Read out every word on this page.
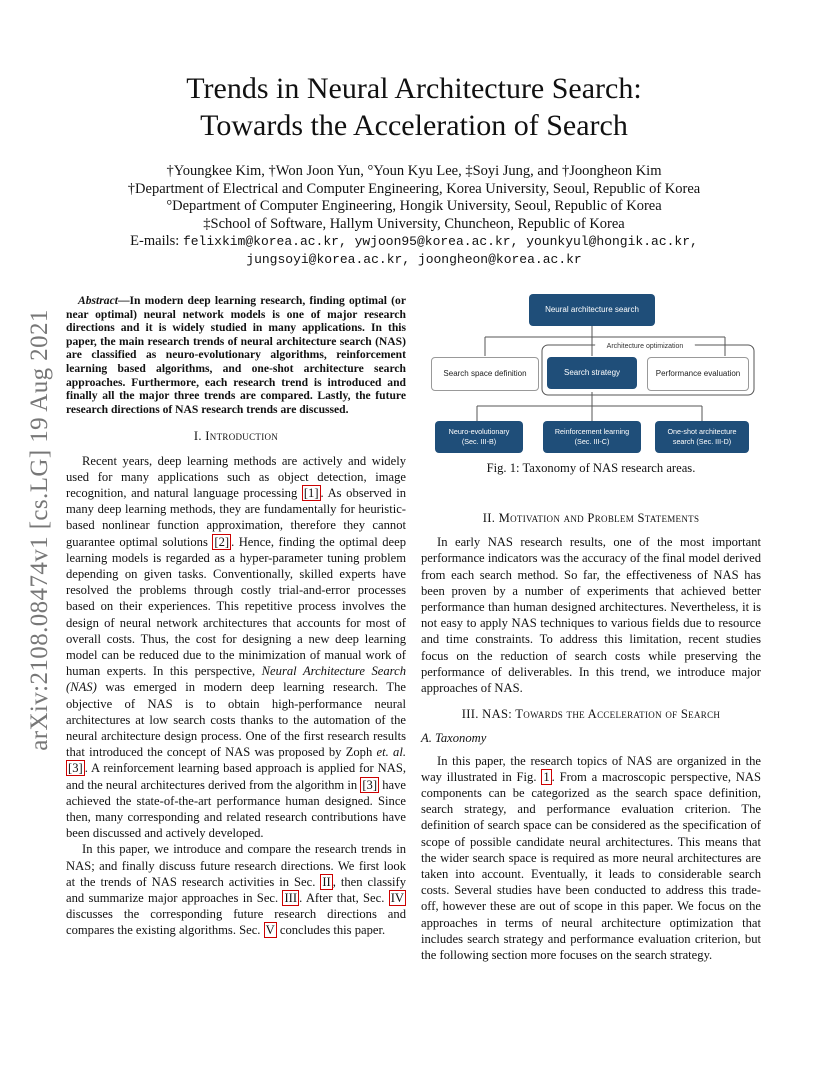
Trends in Neural Architecture Search:
Towards the Acceleration of Search
†Youngkee Kim, †Won Joon Yun, °Youn Kyu Lee, ‡Soyi Jung, and †Joongheon Kim
†Department of Electrical and Computer Engineering, Korea University, Seoul, Republic of Korea
°Department of Computer Engineering, Hongik University, Seoul, Republic of Korea
‡School of Software, Hallym University, Chuncheon, Republic of Korea
E-mails: felixkim@korea.ac.kr, ywjoon95@korea.ac.kr, younkyul@hongik.ac.kr,
jungsoyi@korea.ac.kr, joongheon@korea.ac.kr
arXiv:2108.08474v1 [cs.LG] 19 Aug 2021

Abstract—In modern deep learning research, finding optimal (or near optimal) neural network models is one of major research directions and it is widely studied in many applications. In this paper, the main research trends of neural architecture search (NAS) are classified as neuro-evolutionary algorithms, reinforcement learning based algorithms, and one-shot architecture search approaches. Furthermore, each research trend is introduced and finally all the major three trends are compared. Lastly, the future research directions of NAS research trends are discussed.

I. Introduction

Recent years, deep learning methods are actively and widely used for many applications such as object detection, image recognition, and natural language processing [1] . As observed in many deep learning methods, they are fundamentally for heuristic-based nonlinear function approximation, therefore they cannot guarantee optimal solutions [2] . Hence, finding the optimal deep learning models is regarded as a hyper-parameter tuning problem depending on given tasks. Conventionally, skilled experts have resolved the problems through costly trial-and-error processes based on their experiences. This repetitive process involves the design of neural network architectures that accounts for most of overall costs. Thus, the cost for designing a new deep learning model can be reduced due to the minimization of manual work of human experts. In this perspective, Neural Architecture Search (NAS) was emerged in modern deep learning research. The objective of NAS is to obtain high-performance neural architectures at low search costs thanks to the automation of the neural architecture design process. One of the first research results that introduced the concept of NAS was proposed by Zoph et. al. [3] . A reinforcement learning based approach is applied for NAS, and the neural architectures derived from the algorithm in [3] have achieved the state-of-the-art performance human designed. Since then, many corresponding and related research contributions have been discussed and actively developed.

In this paper, we introduce and compare the research trends in NAS; and finally discuss future research directions. We first look at the trends of NAS research activities in Sec. II , then classify and summarize major approaches in Sec. III . After that, Sec. IV discusses the corresponding future research directions and compares the existing algorithms. Sec. V concludes this paper.

Neural architecture search
Architecture optimization
Search space definition	Search strategy	Performance evaluation
Neuro-evolutionary
(Sec. III-B)
Reinforcement learning
(Sec. III-C)
One-shot architecture
search (Sec. III-D)
Fig. 1: Taxonomy of NAS research areas.
II. Motivation and Problem Statements

In early NAS research results, one of the most important performance indicators was the accuracy of the final model derived from each search method. So far, the effectiveness of NAS has been proven by a number of experiments that achieved better performance than human designed architectures. Nevertheless, it is not easy to apply NAS techniques to various fields due to resource and time constraints. To address this limitation, recent studies focus on the reduction of search costs while preserving the performance of deliverables. In this trend, we introduce major approaches of NAS.

III. NAS: Towards the Acceleration of Search

A. Taxonomy

In this paper, the research topics of NAS are organized in the way illustrated in Fig. 1 . From a macroscopic perspective, NAS components can be categorized as the search space definition, search strategy, and performance evaluation criterion. The definition of search space can be considered as the specification of scope of possible candidate neural architectures. This means that the wider search space is required as more neural architectures are taken into account. Eventually, it leads to considerable search costs. Several studies have been conducted to address this trade-off, however these are out of scope in this paper. We focus on the approaches in terms of neural architecture optimization that includes search strategy and performance evaluation criterion, but the following section more focuses on the search strategy.
